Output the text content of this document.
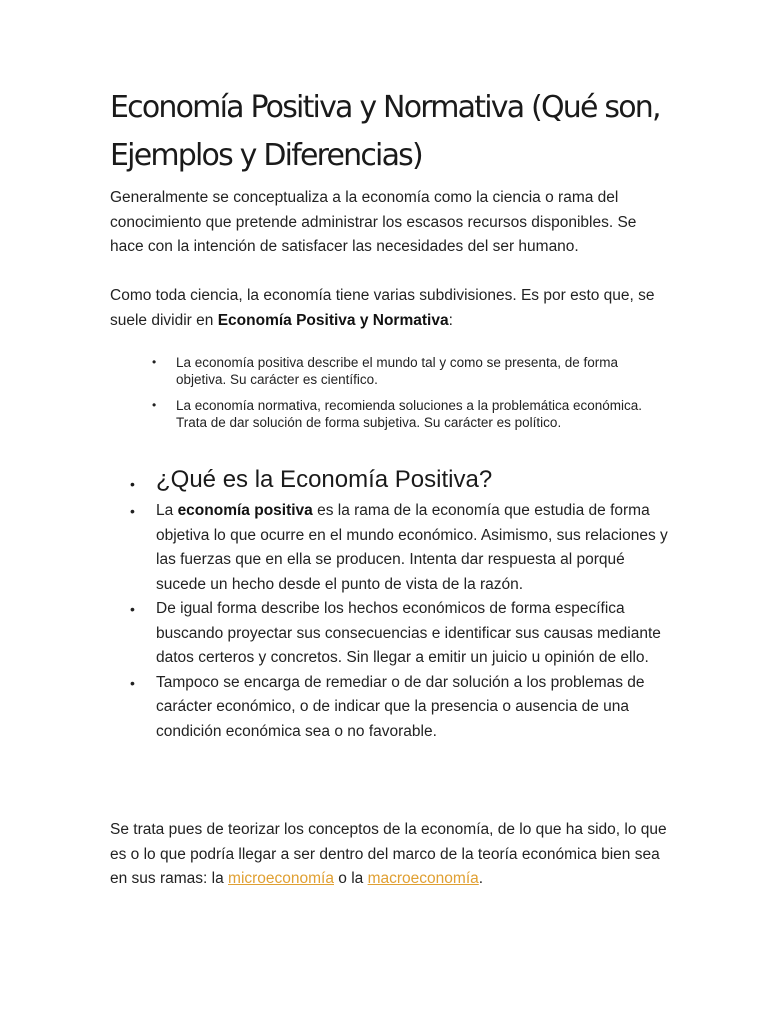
Economía Positiva y Normativa (Qué son, Ejemplos y Diferencias)

Generalmente se conceptualiza a la economía como la ciencia o rama del conocimiento que pretende administrar los escasos recursos disponibles. Se hace con la intención de satisfacer las necesidades del ser humano.

Como toda ciencia, la economía tiene varias subdivisiones. Es por esto que, se suele dividir en Economía Positiva y Normativa:

• La economía positiva describe el mundo tal y como se presenta, de forma objetiva. Su carácter es científico.
• La economía normativa, recomienda soluciones a la problemática económica. Trata de dar solución de forma subjetiva. Su carácter es político.
• ¿Qué es la Economía Positiva?
• La economía positiva es la rama de la economía que estudia de forma objetiva lo que ocurre en el mundo económico. Asimismo, sus relaciones y las fuerzas que en ella se producen. Intenta dar respuesta al porqué sucede un hecho desde el punto de vista de la razón.
• De igual forma describe los hechos económicos de forma específica buscando proyectar sus consecuencias e identificar sus causas mediante datos certeros y concretos. Sin llegar a emitir un juicio u opinión de ello.
• Tampoco se encarga de remediar o de dar solución a los problemas de carácter económico, o de indicar que la presencia o ausencia de una condición económica sea o no favorable.

Se trata pues de teorizar los conceptos de la economía, de lo que ha sido, lo que es o lo que podría llegar a ser dentro del marco de la teoría económica bien sea en sus ramas: la microeconomía o la macroeconomía.
